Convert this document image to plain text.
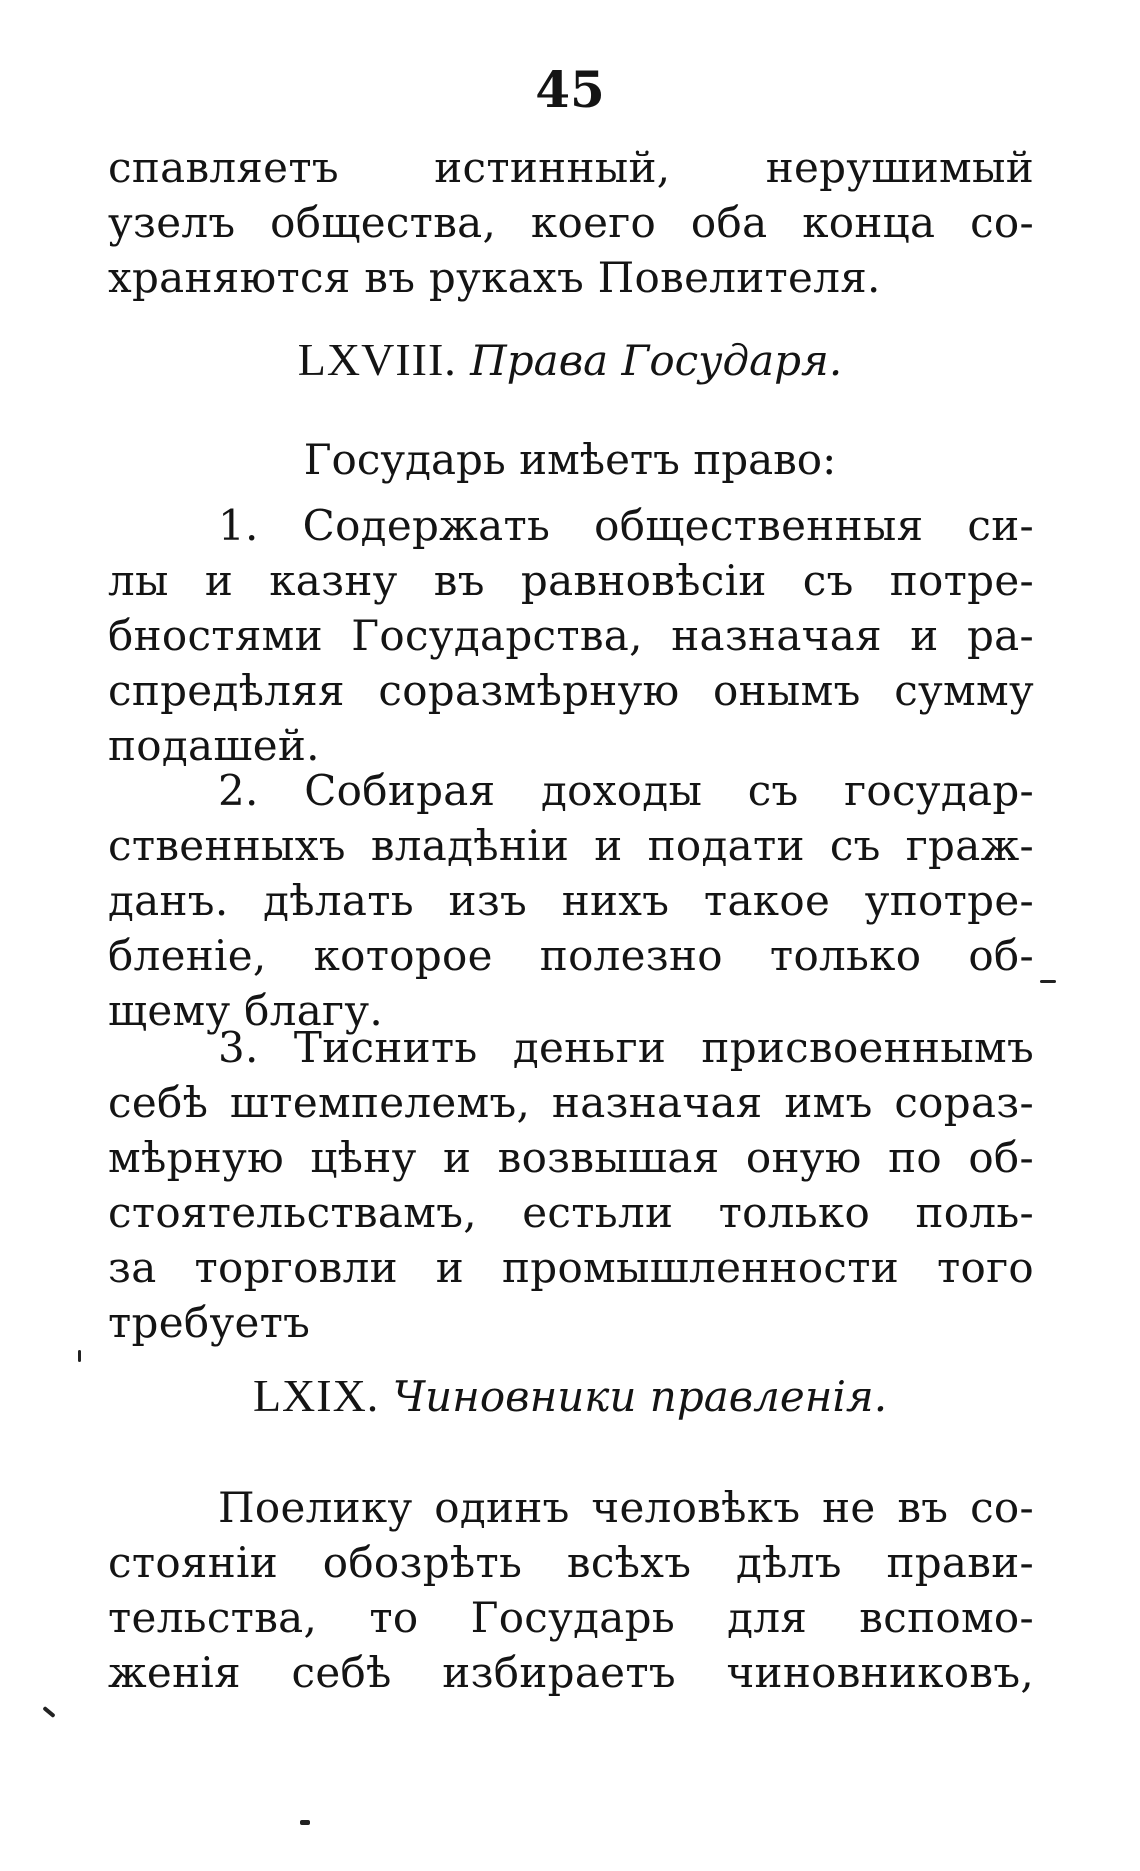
45
спавляетъ истинный, нерушимый
узелъ общества, коего оба конца со-
храняются въ рукахъ Повелителя.
LXVIII. Права Государя.
Государь имѣетъ право:
1. Содержать общественныя си-
лы и казну въ равновѣсіи съ потре-
бностями Государства, назначая и ра-
спредѣляя соразмѣрную онымъ сумму
подашей.
2. Собирая доходы съ государ-
ственныхъ владѣніи и подати съ граж-
данъ. дѣлать изъ нихъ такое употре-
бленіе, которое полезно только об-
щему благу.
3. Тиснить деньги присвоеннымъ
себѣ штемпелемъ, назначая имъ сораз-
мѣрную цѣну и возвышая оную по об-
стоятельствамъ, естьли только поль-
за торговли и промышленности того
требуетъ
LXIX. Чиновники правленія.
Поелику одинъ человѣкъ не въ со-
стояніи обозрѣть всѣхъ дѣлъ прави-
тельства, то Государь для вспомо-
женія себѣ избираетъ чиновниковъ,
